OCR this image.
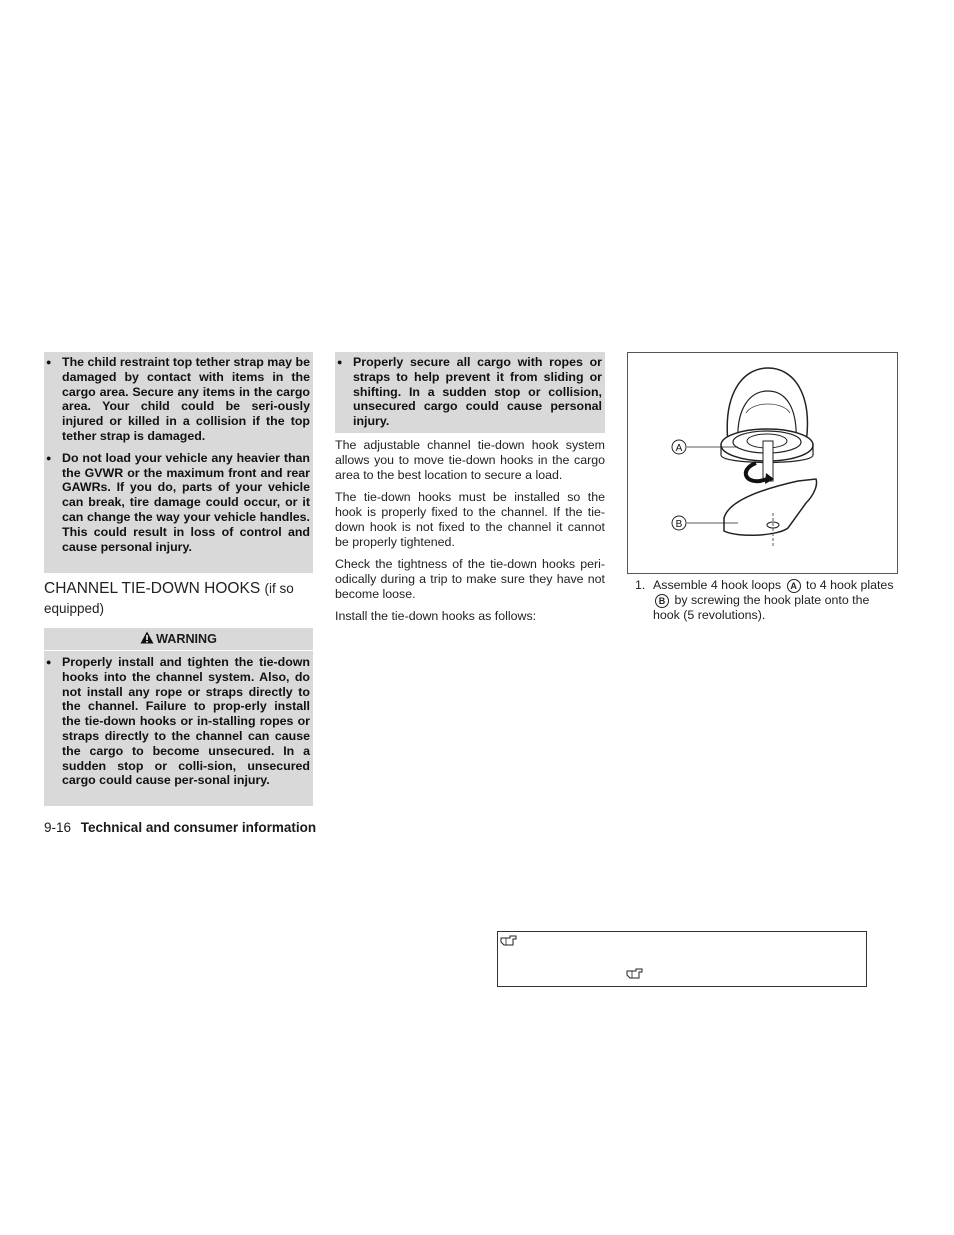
● The child restraint top tether strap may be damaged by contact with items in the cargo area. Secure any items in the cargo area. Your child could be seri-ously injured or killed in a collision if the top tether strap is damaged.
● Do not load your vehicle any heavier than the GVWR or the maximum front and rear GAWRs. If you do, parts of your vehicle can break, tire damage could occur, or it can change the way your vehicle handles. This could result in loss of control and cause personal injury.

CHANNEL TIE-DOWN HOOKS (if so equipped)

WARNING
● Properly install and tighten the tie-down hooks into the channel system. Also, do not install any rope or straps directly to the channel. Failure to prop-erly install the tie-down hooks or in-stalling ropes or straps directly to the channel can cause the cargo to become unsecured. In a sudden stop or colli-sion, unsecured cargo could cause per-sonal injury.
● Properly secure all cargo with ropes or straps to help prevent it from sliding or shifting. In a sudden stop or collision, unsecured cargo could cause personal injury.

The adjustable channel tie-down hook system allows you to move tie-down hooks in the cargo area to the best location to secure a load.

The tie-down hooks must be installed so the hook is properly fixed to the channel. If the tie-down hook is not fixed to the channel it cannot be properly tightened.

Check the tightness of the tie-down hooks peri-odically during a trip to make sure they have not become loose.

Install the tie-down hooks as follows:

A
B
1. Assemble 4 hook loops A to 4 hook plates B by screwing the hook plate onto the hook (5 revolutions).
9-16 Technical and consumer information
